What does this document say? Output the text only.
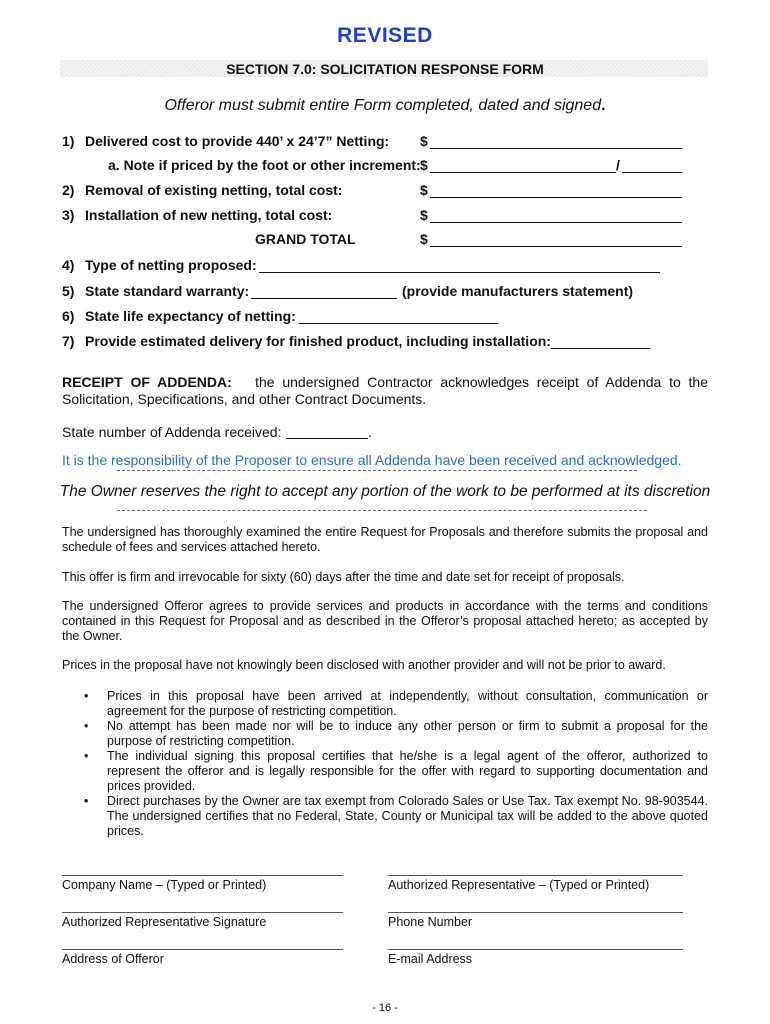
REVISED
SECTION 7.0: SOLICITATION RESPONSE FORM
Offeror must submit entire Form completed, dated and signed.
1) Delivered cost to provide 440’ x 24’7” Netting: $
a. Note if priced by the foot or other increment: $	/
2) Removal of existing netting, total cost:	$
3) Installation of new netting, total cost:	$
GRAND TOTAL	$
4) Type of netting proposed:
5) State standard warranty:	(provide manufacturers statement)
6) State life expectancy of netting:
7) Provide estimated delivery for finished product, including installation:
RECEIPT OF ADDENDA: the undersigned Contractor acknowledges receipt of Addenda to the Solicitation, Specifications, and other Contract Documents.
State number of Addenda received:	.
It is the responsibility of the Proposer to ensure all Addenda have been received and acknowledged.
The Owner reserves the right to accept any portion of the work to be performed at its discretion
The undersigned has thoroughly examined the entire Request for Proposals and therefore submits the proposal and schedule of fees and services attached hereto.
This offer is firm and irrevocable for sixty (60) days after the time and date set for receipt of proposals.
The undersigned Offeror agrees to provide services and products in accordance with the terms and conditions contained in this Request for Proposal and as described in the Offeror’s proposal attached hereto; as accepted by the Owner.
Prices in the proposal have not knowingly been disclosed with another provider and will not be prior to award.
• Prices in this proposal have been arrived at independently, without consultation, communication or agreement for the purpose of restricting competition.
• No attempt has been made nor will be to induce any other person or firm to submit a proposal for the purpose of restricting competition.
• The individual signing this proposal certifies that he/she is a legal agent of the offeror, authorized to represent the offeror and is legally responsible for the offer with regard to supporting documentation and prices provided.
• Direct purchases by the Owner are tax exempt from Colorado Sales or Use Tax. Tax exempt No. 98-903544. The undersigned certifies that no Federal, State, County or Municipal tax will be added to the above quoted prices.
Company Name – (Typed or Printed)	Authorized Representative – (Typed or Printed)
Authorized Representative Signature	Phone Number
Address of Offeror	E-mail Address
- 16 -
